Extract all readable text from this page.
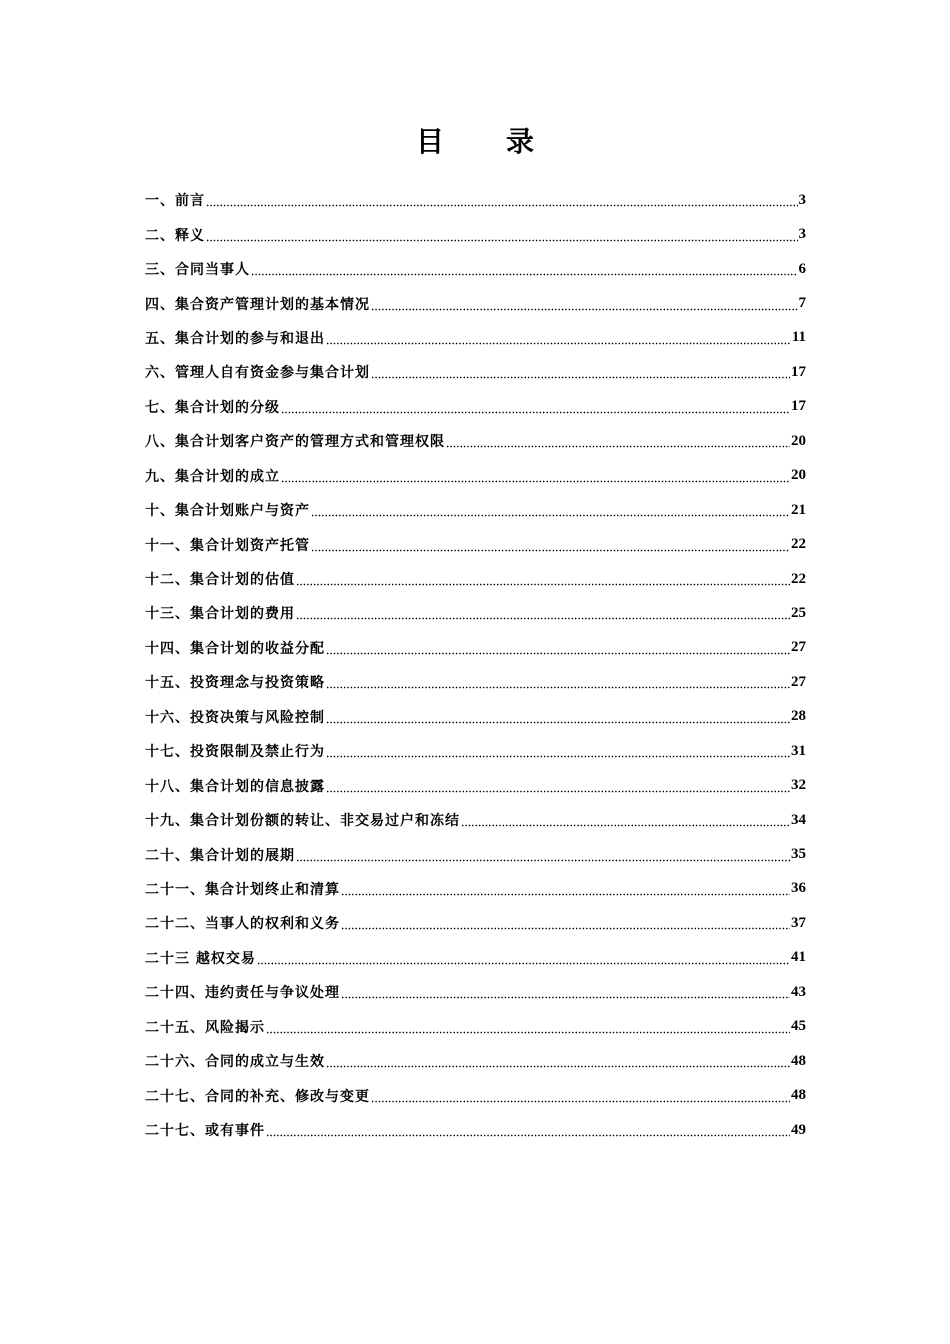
目 录
一、前言	3
二、释义	3
三、合同当事人	6
四、集合资产管理计划的基本情况	7
五、集合计划的参与和退出	11
六、管理人自有资金参与集合计划	17
七、集合计划的分级	17
八、集合计划客户资产的管理方式和管理权限	20
九、集合计划的成立	20
十、集合计划账户与资产	21
十一、集合计划资产托管	22
十二、集合计划的估值	22
十三、集合计划的费用	25
十四、集合计划的收益分配	27
十五、投资理念与投资策略	27
十六、投资决策与风险控制	28
十七、投资限制及禁止行为	31
十八、集合计划的信息披露	32
十九、集合计划份额的转让、非交易过户和冻结	34
二十、集合计划的展期	35
二十一、集合计划终止和清算	36
二十二、当事人的权利和义务	37
二十三 越权交易	41
二十四、违约责任与争议处理	43
二十五、风险揭示	45
二十六、合同的成立与生效	48
二十七、合同的补充、修改与变更	48
二十七、或有事件	49
